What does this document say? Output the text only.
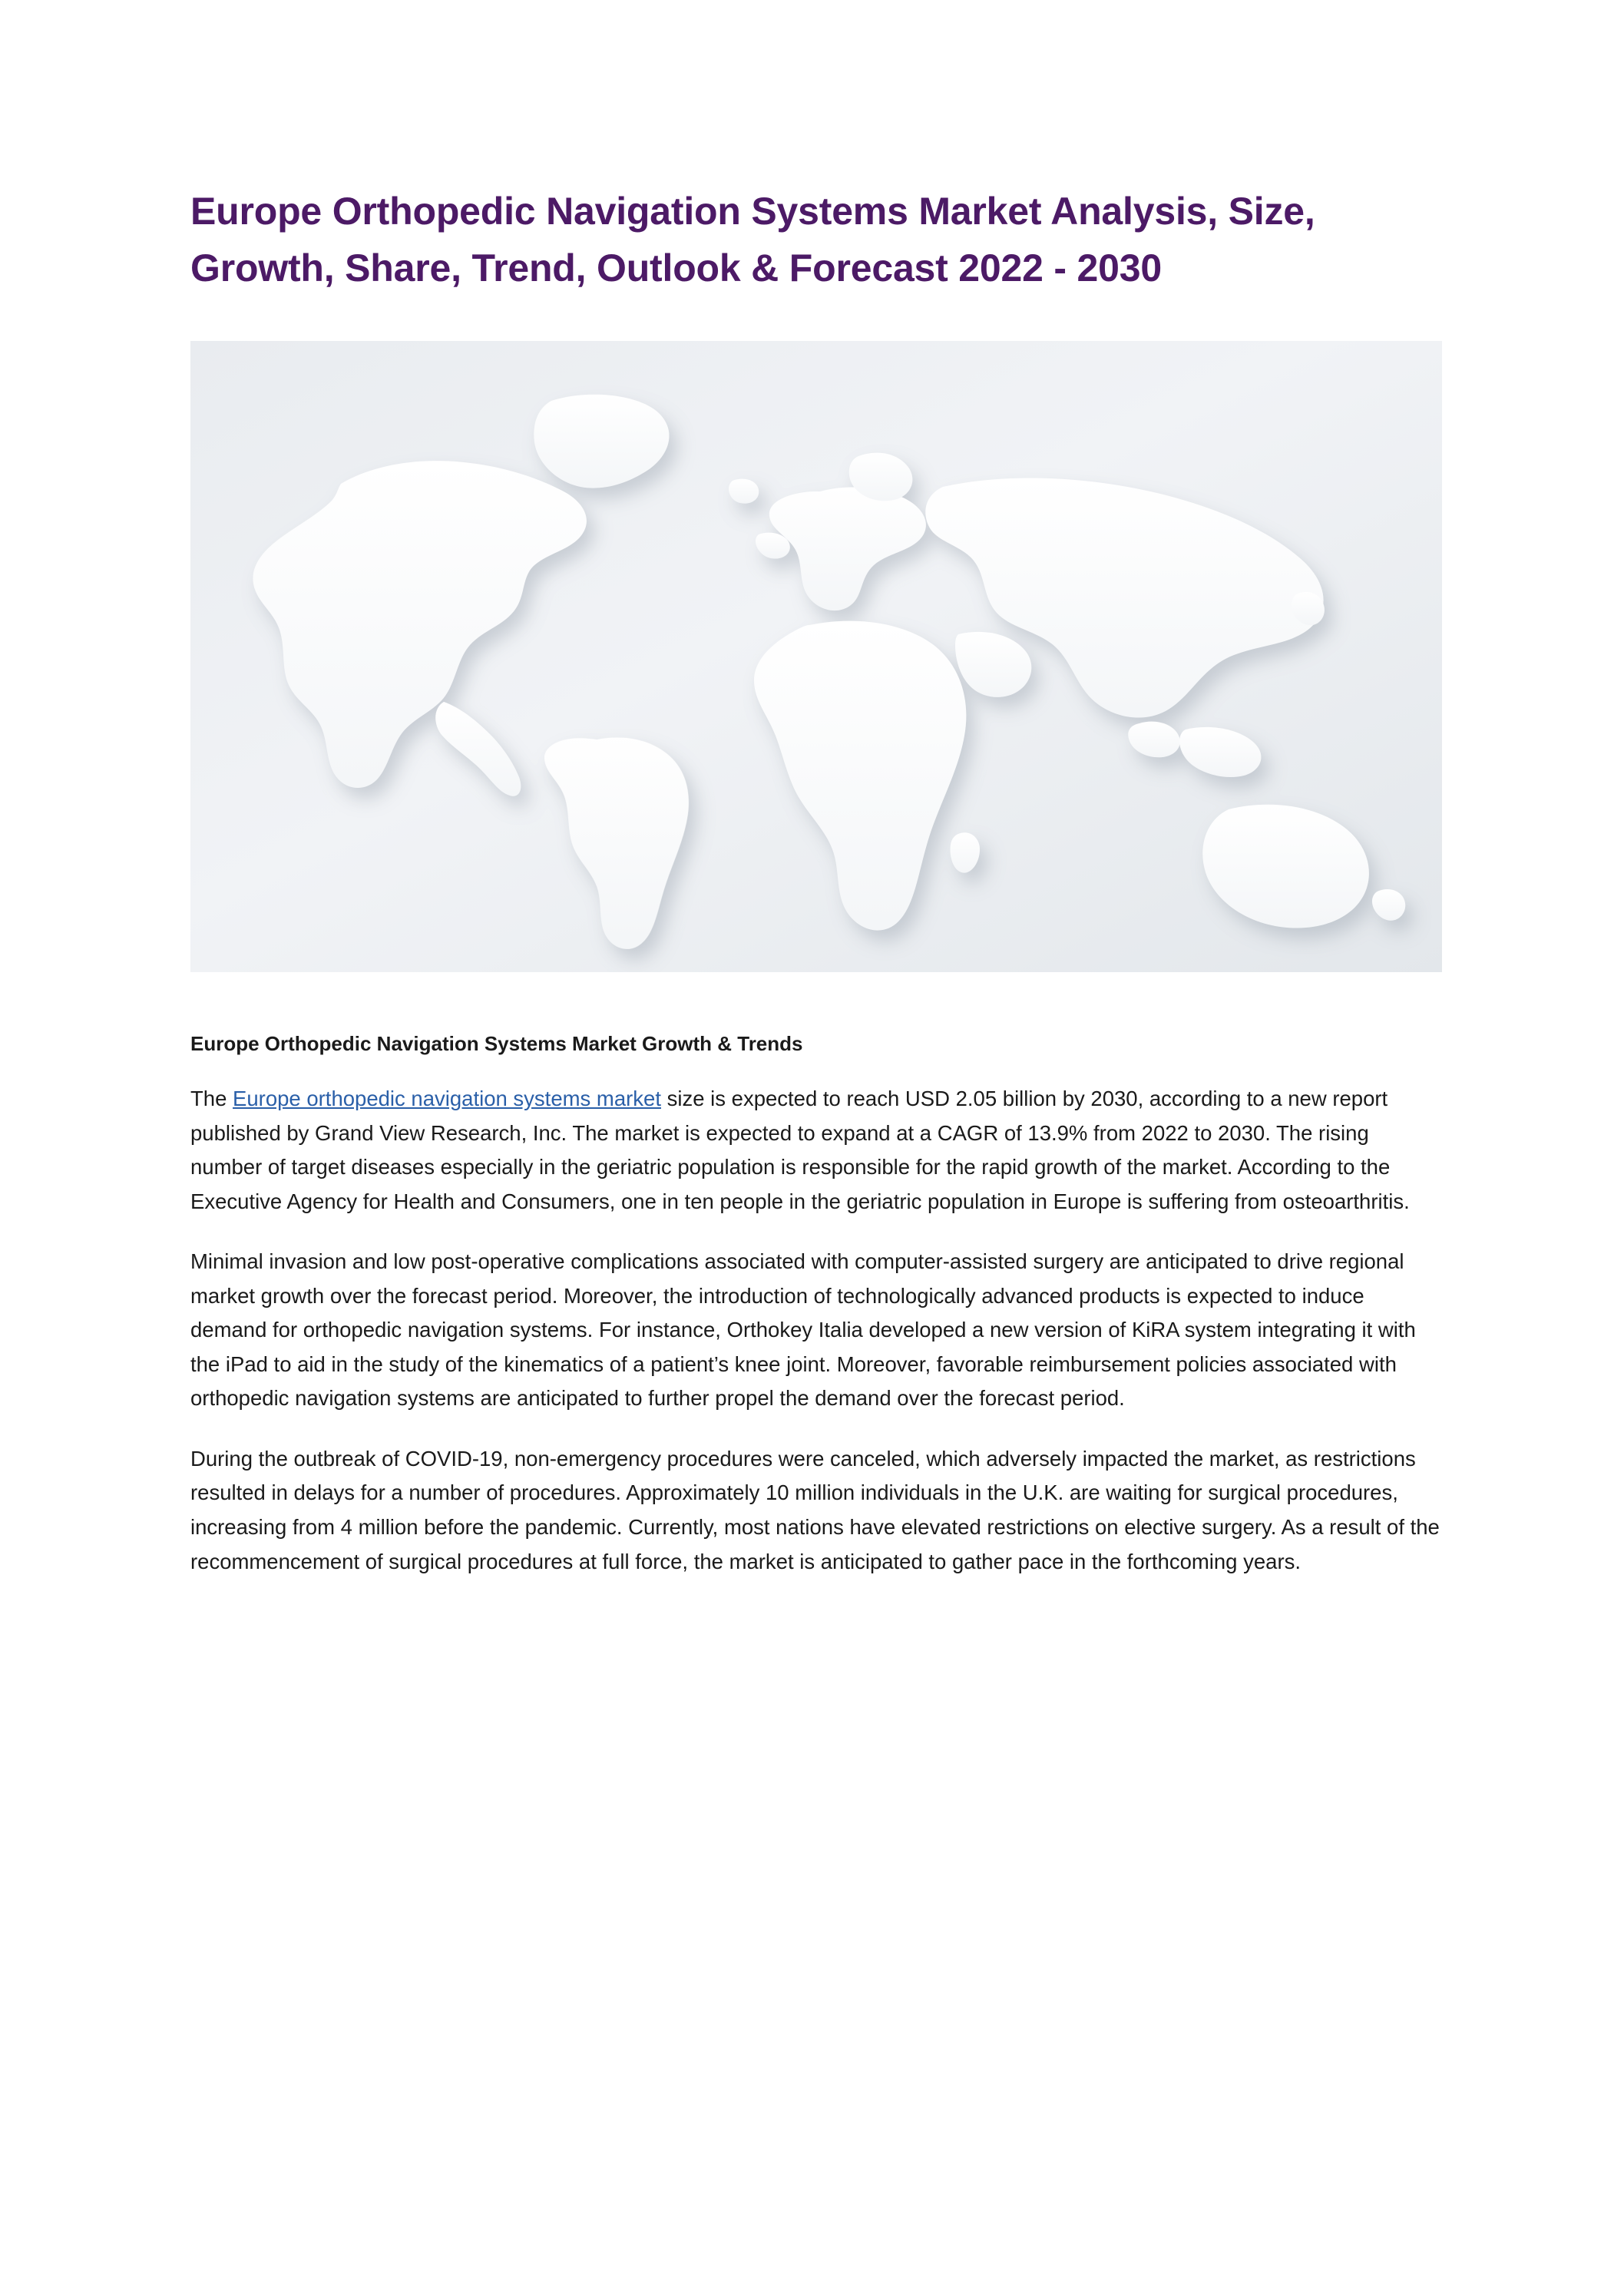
Europe Orthopedic Navigation Systems Market Analysis, Size, Growth, Share, Trend, Outlook & Forecast 2022 - 2030
Europe Orthopedic Navigation Systems Market Growth & Trends

The Europe orthopedic navigation systems market size is expected to reach USD 2.05 billion by 2030, according to a new report published by Grand View Research, Inc. The market is expected to expand at a CAGR of 13.9% from 2022 to 2030. The rising number of target diseases especially in the geriatric population is responsible for the rapid growth of the market. According to the Executive Agency for Health and Consumers, one in ten people in the geriatric population in Europe is suffering from osteoarthritis.

Minimal invasion and low post-operative complications associated with computer-assisted surgery are anticipated to drive regional market growth over the forecast period. Moreover, the introduction of technologically advanced products is expected to induce demand for orthopedic navigation systems. For instance, Orthokey Italia developed a new version of KiRA system integrating it with the iPad to aid in the study of the kinematics of a patient’s knee joint. Moreover, favorable reimbursement policies associated with orthopedic navigation systems are anticipated to further propel the demand over the forecast period.

During the outbreak of COVID-19, non-emergency procedures were canceled, which adversely impacted the market, as restrictions resulted in delays for a number of procedures. Approximately 10 million individuals in the U.K. are waiting for surgical procedures, increasing from 4 million before the pandemic. Currently, most nations have elevated restrictions on elective surgery. As a result of the recommencement of surgical procedures at full force, the market is anticipated to gather pace in the forthcoming years.
